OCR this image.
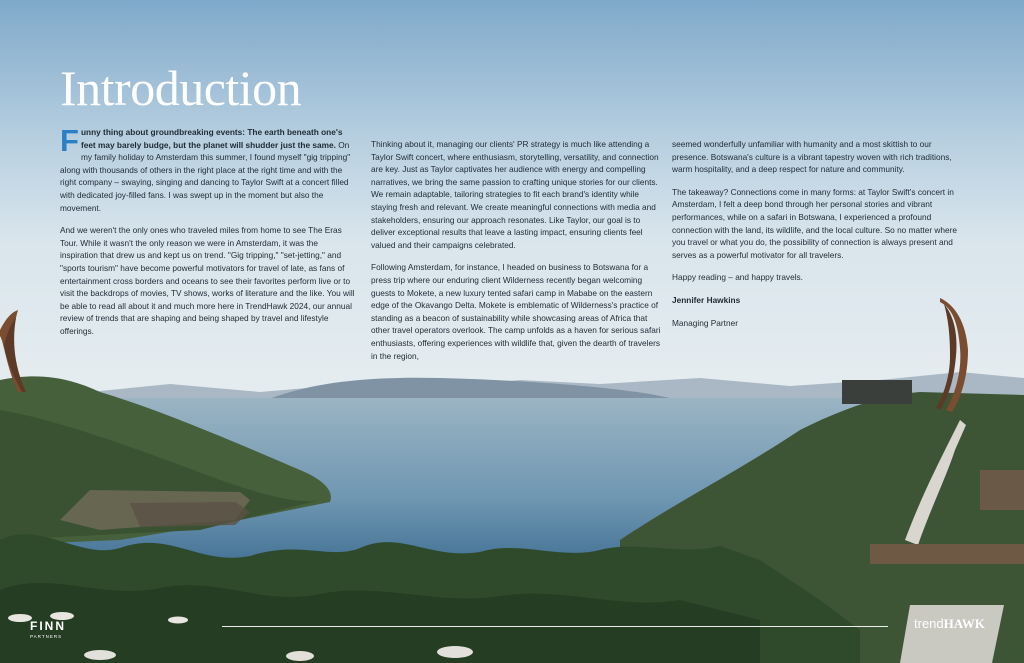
Introduction

Funny thing about groundbreaking events: The earth beneath one's feet may barely budge, but the planet will shudder just the same. On my family holiday to Amsterdam this summer, I found myself "gig tripping" along with thousands of others in the right place at the right time and with the right company – swaying, singing and dancing to Taylor Swift at a concert filled with dedicated joy-filled fans. I was swept up in the moment but also the movement.

And we weren't the only ones who traveled miles from home to see The Eras Tour. While it wasn't the only reason we were in Amsterdam, it was the inspiration that drew us and kept us on trend. "Gig tripping," "set-jetting," and "sports tourism" have become powerful motivators for travel of late, as fans of entertainment cross borders and oceans to see their favorites perform live or to visit the backdrops of movies, TV shows, works of literature and the like. You will be able to read all about it and much more here in TrendHawk 2024, our annual review of trends that are shaping and being shaped by travel and lifestyle offerings.

Thinking about it, managing our clients' PR strategy is much like attending a Taylor Swift concert, where enthusiasm, storytelling, versatility, and connection are key. Just as Taylor captivates her audience with energy and compelling narratives, we bring the same passion to crafting unique stories for our clients. We remain adaptable, tailoring strategies to fit each brand's identity while staying fresh and relevant. We create meaningful connections with media and stakeholders, ensuring our approach resonates. Like Taylor, our goal is to deliver exceptional results that leave a lasting impact, ensuring clients feel valued and their campaigns celebrated.

Following Amsterdam, for instance, I headed on business to Botswana for a press trip where our enduring client Wilderness recently began welcoming guests to Mokete, a new luxury tented safari camp in Mababe on the eastern edge of the Okavango Delta. Mokete is emblematic of Wilderness's practice of standing as a beacon of sustainability while showcasing areas of Africa that other travel operators overlook. The camp unfolds as a haven for serious safari enthusiasts, offering experiences with wildlife that, given the dearth of travelers in the region,

seemed wonderfully unfamiliar with humanity and a most skittish to our presence. Botswana's culture is a vibrant tapestry woven with rich traditions, warm hospitality, and a deep respect for nature and community.

The takeaway? Connections come in many forms: at Taylor Swift's concert in Amsterdam, I felt a deep bond through her personal stories and vibrant performances, while on a safari in Botswana, I experienced a profound connection with the land, its wildlife, and the local culture. So no matter where you travel or what you do, the possibility of connection is always present and serves as a powerful motivator for all travelers.

Happy reading – and happy travels.

Jennifer Hawkins

Managing Partner

FINN

PARTNERS

trendHAWK
